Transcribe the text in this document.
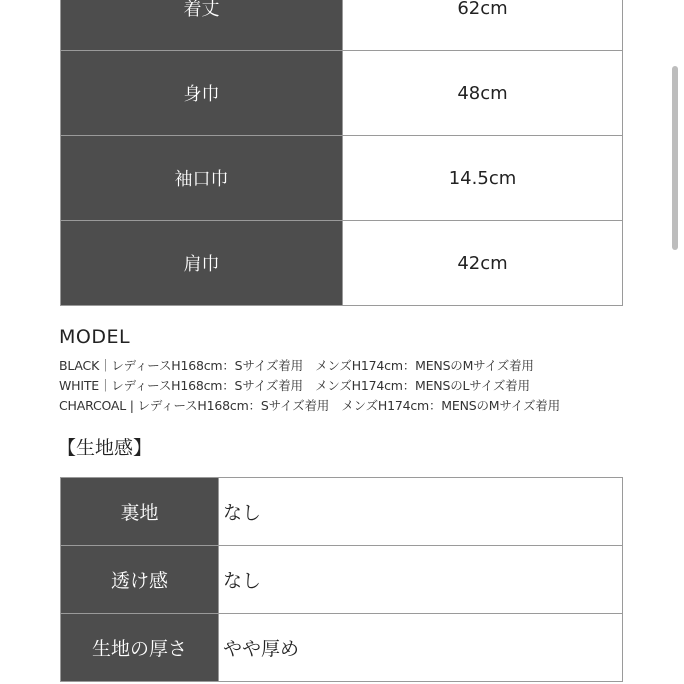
着丈	62cm
身巾	48cm
袖口巾	14.5cm
肩巾	42cm
MODEL
BLACK｜レディースH168cm：Sサイズ着用　メンズH174cm：MENSのMサイズ着用
WHITE｜レディースH168cm：Sサイズ着用　メンズH174cm：MENSのLサイズ着用
CHARCOAL | レディースH168cm：Sサイズ着用　メンズH174cm：MENSのMサイズ着用
【生地感】
裏地	なし
透け感	なし
生地の厚さ	やや厚め
